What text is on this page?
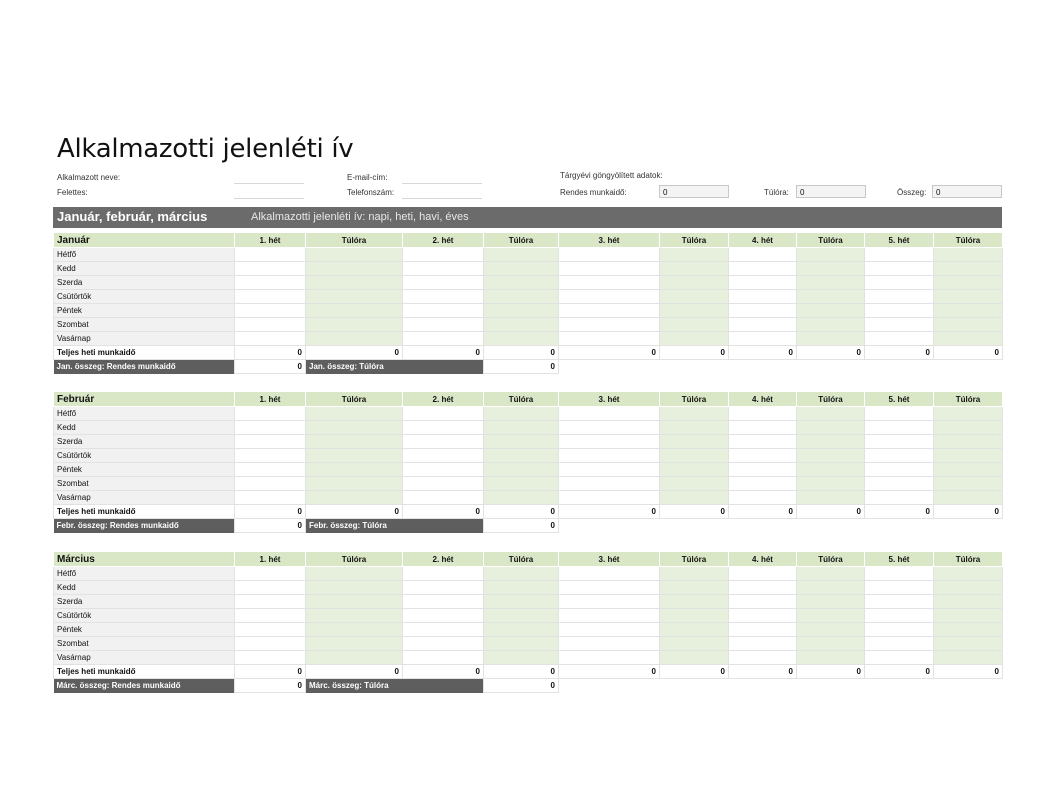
Alkalmazotti jelenléti ív
Alkalmazott neve:
Felettes:
E-mail-cím:
Telefonszám:
Tárgyévi göngyölített adatok:
Rendes munkaidő:	0	Túlóra:	0	Összeg:	0
Január, február, március	Alkalmazotti jelenléti ív: napi, heti, havi, éves
Január	1. hét	Túlóra	2. hét	Túlóra	3. hét	Túlóra	4. hét	Túlóra	5. hét	Túlóra
Hétfő										
Kedd										
Szerda										
Csütörtök										
Péntek										
Szombat										
Vasárnap										
Teljes heti munkaidő	0	0	0	0	0	0	0	0	0	0
Jan. összeg: Rendes munkaidő	0	Jan. összeg: Túlóra		0						
Február	1. hét	Túlóra	2. hét	Túlóra	3. hét	Túlóra	4. hét	Túlóra	5. hét	Túlóra
Hétfő										
Kedd										
Szerda										
Csütörtök										
Péntek										
Szombat										
Vasárnap										
Teljes heti munkaidő	0	0	0	0	0	0	0	0	0	0
Febr. összeg: Rendes munkaidő	0	Febr. összeg: Túlóra		0						
Március	1. hét	Túlóra	2. hét	Túlóra	3. hét	Túlóra	4. hét	Túlóra	5. hét	Túlóra
Hétfő										
Kedd										
Szerda										
Csütörtök										
Péntek										
Szombat										
Vasárnap										
Teljes heti munkaidő	0	0	0	0	0	0	0	0	0	0
Márc. összeg: Rendes munkaidő	0	Márc. összeg: Túlóra		0						
